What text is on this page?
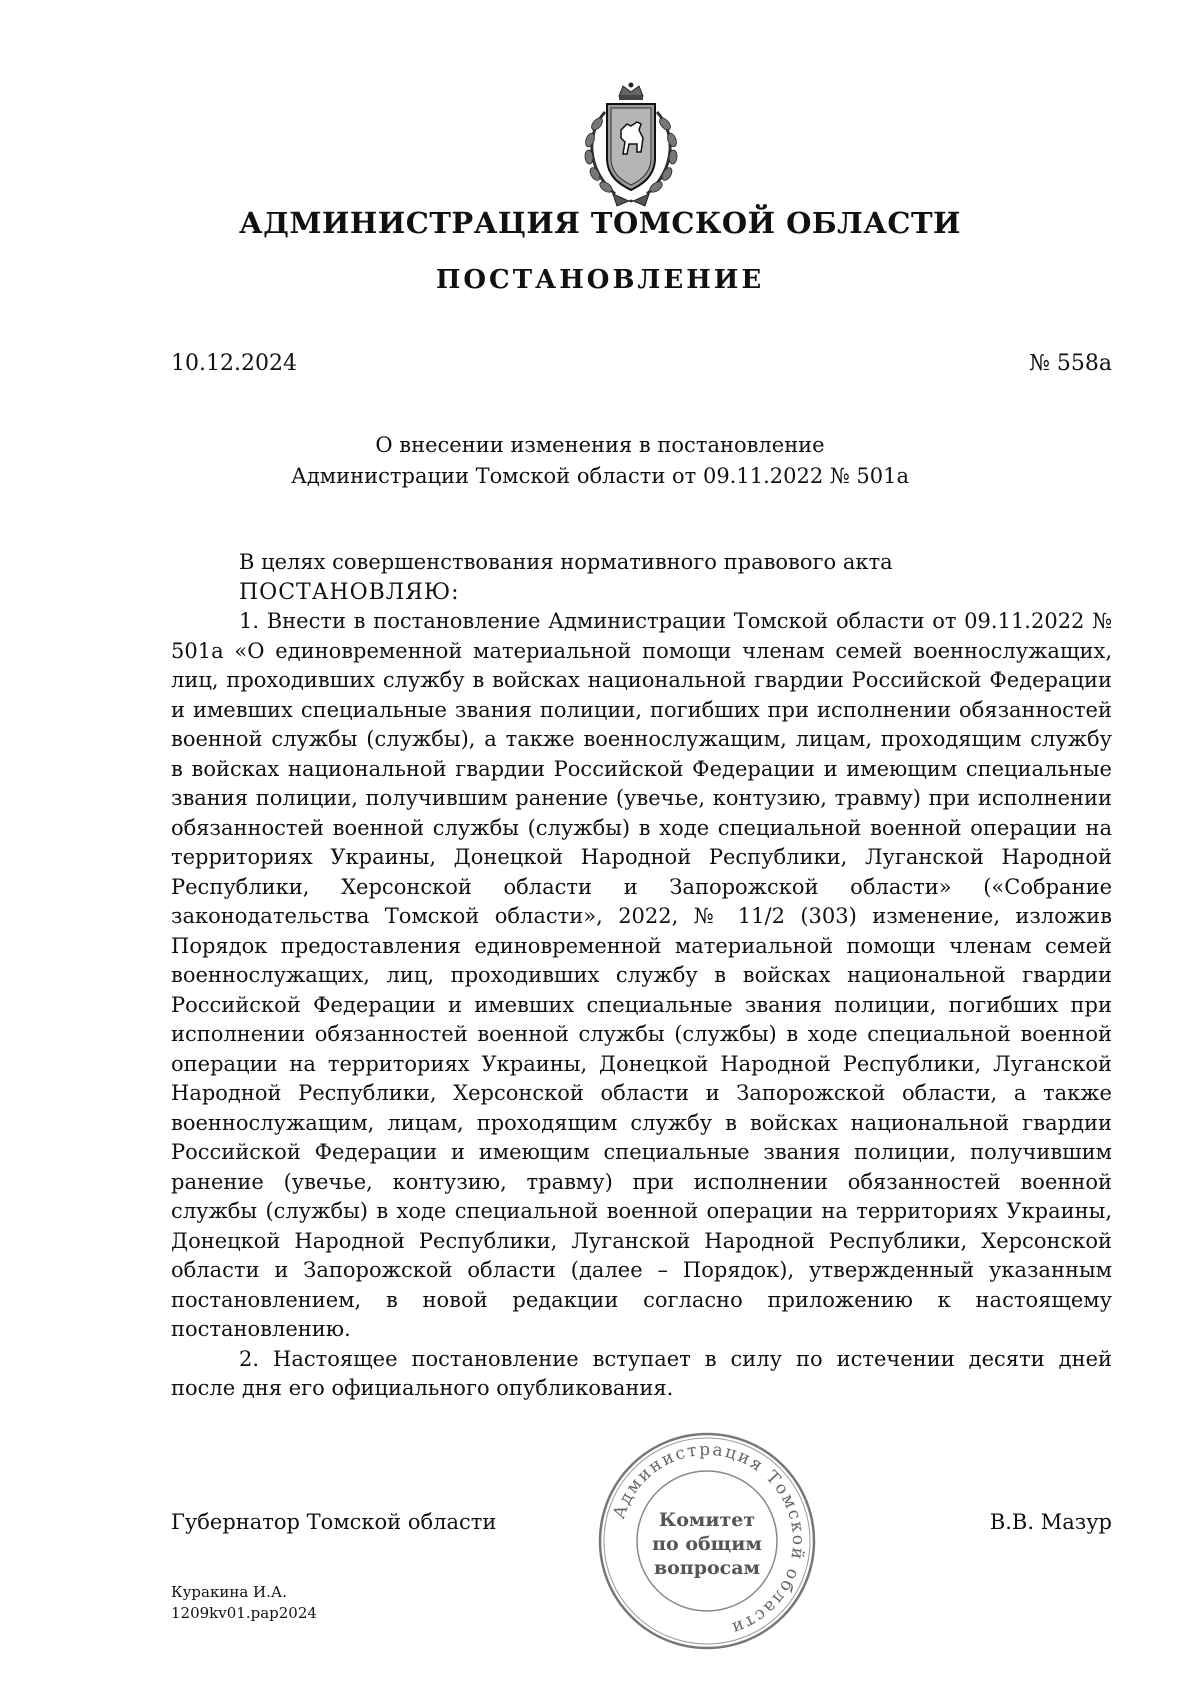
АДМИНИСТРАЦИЯ ТОМСКОЙ ОБЛАСТИ
ПОСТАНОВЛЕНИЕ
10.12.2024	№ 558а
О внесении изменения в постановление
Администрации Томской области от 09.11.2022 № 501а

В целях совершенствования нормативного правового акта

ПОСТАНОВЛЯЮ:

1. Внести в постановление Администрации Томской области от 09.11.2022 № 501а «О единовременной материальной помощи членам семей военнослужащих, лиц, проходивших службу в войсках национальной гвардии Российской Федерации и имевших специальные звания полиции, погибших при исполнении обязанностей военной службы (службы), а также военнослужащим, лицам, проходящим службу в войсках национальной гвардии Российской Федерации и имеющим специальные звания полиции, получившим ранение (увечье, контузию, травму) при исполнении обязанностей военной службы (службы) в ходе специальной военной операции на территориях Украины, Донецкой Народной Республики, Луганской Народной Республики, Херсонской области и Запорожской области» («Собрание законодательства Томской области», 2022, № 11/2 (303) изменение, изложив Порядок предоставления единовременной материальной помощи членам семей военнослужащих, лиц, проходивших службу в войсках национальной гвардии Российской Федерации и имевших специальные звания полиции, погибших при исполнении обязанностей военной службы (службы) в ходе специальной военной операции на территориях Украины, Донецкой Народной Республики, Луганской Народной Республики, Херсонской области и Запорожской области, а также военнослужащим, лицам, проходящим службу в войсках национальной гвардии Российской Федерации и имеющим специальные звания полиции, получившим ранение (увечье, контузию, травму) при исполнении обязанностей военной службы (службы) в ходе специальной военной операции на территориях Украины, Донецкой Народной Республики, Луганской Народной Республики, Херсонской области и Запорожской области (далее – Порядок), утвержденный указанным постановлением, в новой редакции согласно приложению к настоящему постановлению.

2. Настоящее постановление вступает в силу по истечении десяти дней после дня его официального опубликования.

Губернатор Томской области	В.В. Мазур
Администрация Томской области
Комитет
по общим
вопросам
Куракина И.А.
1209kv01.pap2024
